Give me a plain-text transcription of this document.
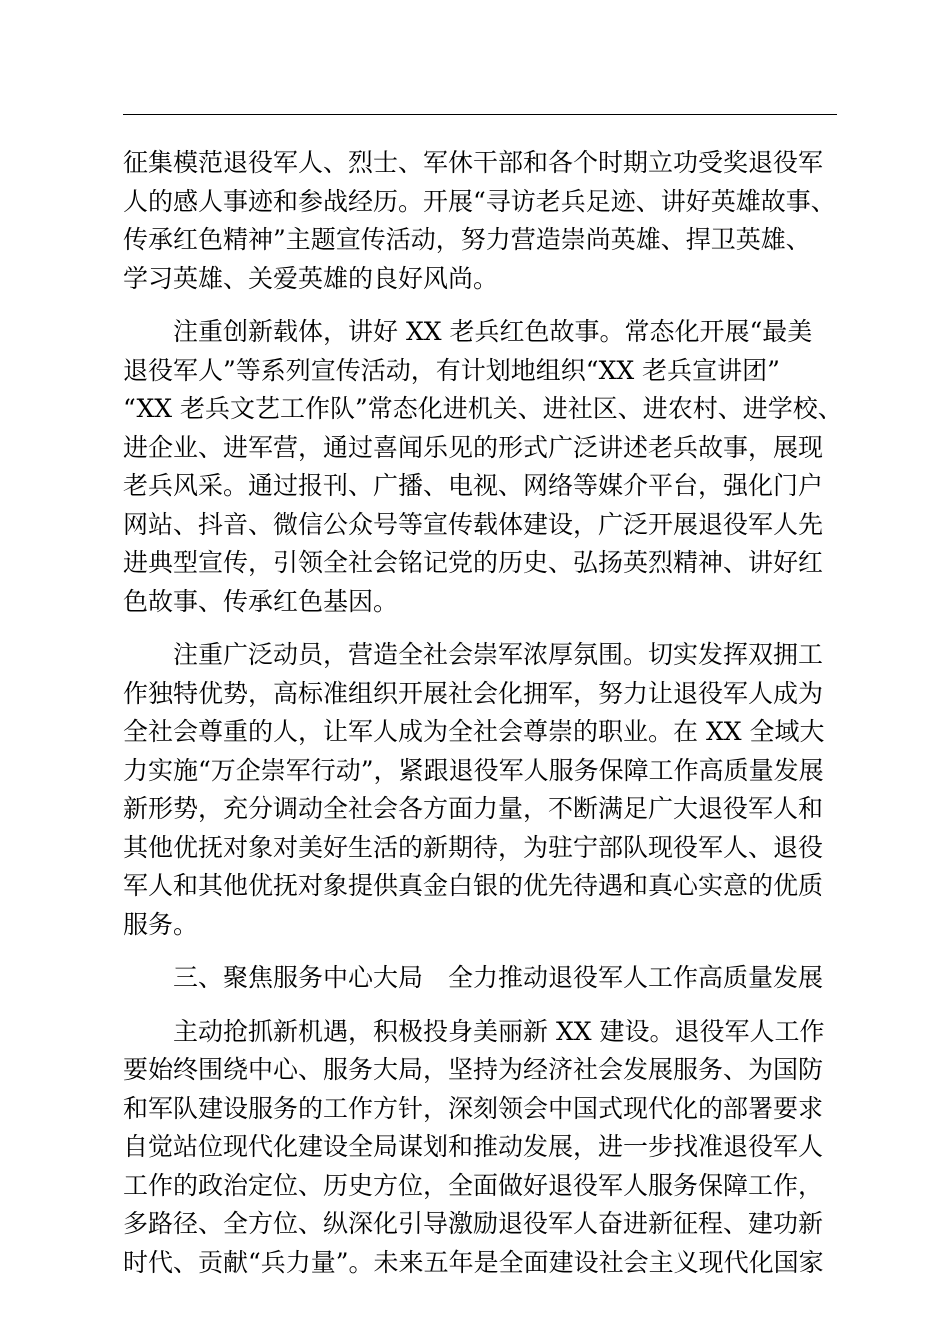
征集模范退役军人、烈士、军休干部和各个时期立功受奖退役军
人的感人事迹和参战经历。开展“寻访老兵足迹、讲好英雄故事、
传承红色精神”主题宣传活动，努力营造崇尚英雄、捍卫英雄、
学习英雄、关爱英雄的良好风尚。

注重创新载体，讲好 XX 老兵红色故事。常态化开展“最美
退役军人”等系列宣传活动，有计划地组织“XX 老兵宣讲团”
“XX 老兵文艺工作队”常态化进机关、进社区、进农村、进学校、
进企业、进军营，通过喜闻乐见的形式广泛讲述老兵故事，展现
老兵风采。通过报刊、广播、电视、网络等媒介平台，强化门户
网站、抖音、微信公众号等宣传载体建设，广泛开展退役军人先
进典型宣传，引领全社会铭记党的历史、弘扬英烈精神、讲好红
色故事、传承红色基因。

注重广泛动员，营造全社会崇军浓厚氛围。切实发挥双拥工
作独特优势，高标准组织开展社会化拥军，努力让退役军人成为
全社会尊重的人，让军人成为全社会尊崇的职业。在 XX 全域大
力实施“万企崇军行动”，紧跟退役军人服务保障工作高质量发展
新形势，充分调动全社会各方面力量，不断满足广大退役军人和
其他优抚对象对美好生活的新期待，为驻宁部队现役军人、退役
军人和其他优抚对象提供真金白银的优先待遇和真心实意的优质
服务。

三、聚焦服务中心大局 全力推动退役军人工作高质量发展

主动抢抓新机遇，积极投身美丽新 XX 建设。退役军人工作
要始终围绕中心、服务大局，坚持为经济社会发展服务、为国防
和军队建设服务的工作方针，深刻领会中国式现代化的部署要求
自觉站位现代化建设全局谋划和推动发展，进一步找准退役军人
工作的政治定位、历史方位，全面做好退役军人服务保障工作，
多路径、全方位、纵深化引导激励退役军人奋进新征程、建功新
时代、贡献“兵力量”。未来五年是全面建设社会主义现代化国家
